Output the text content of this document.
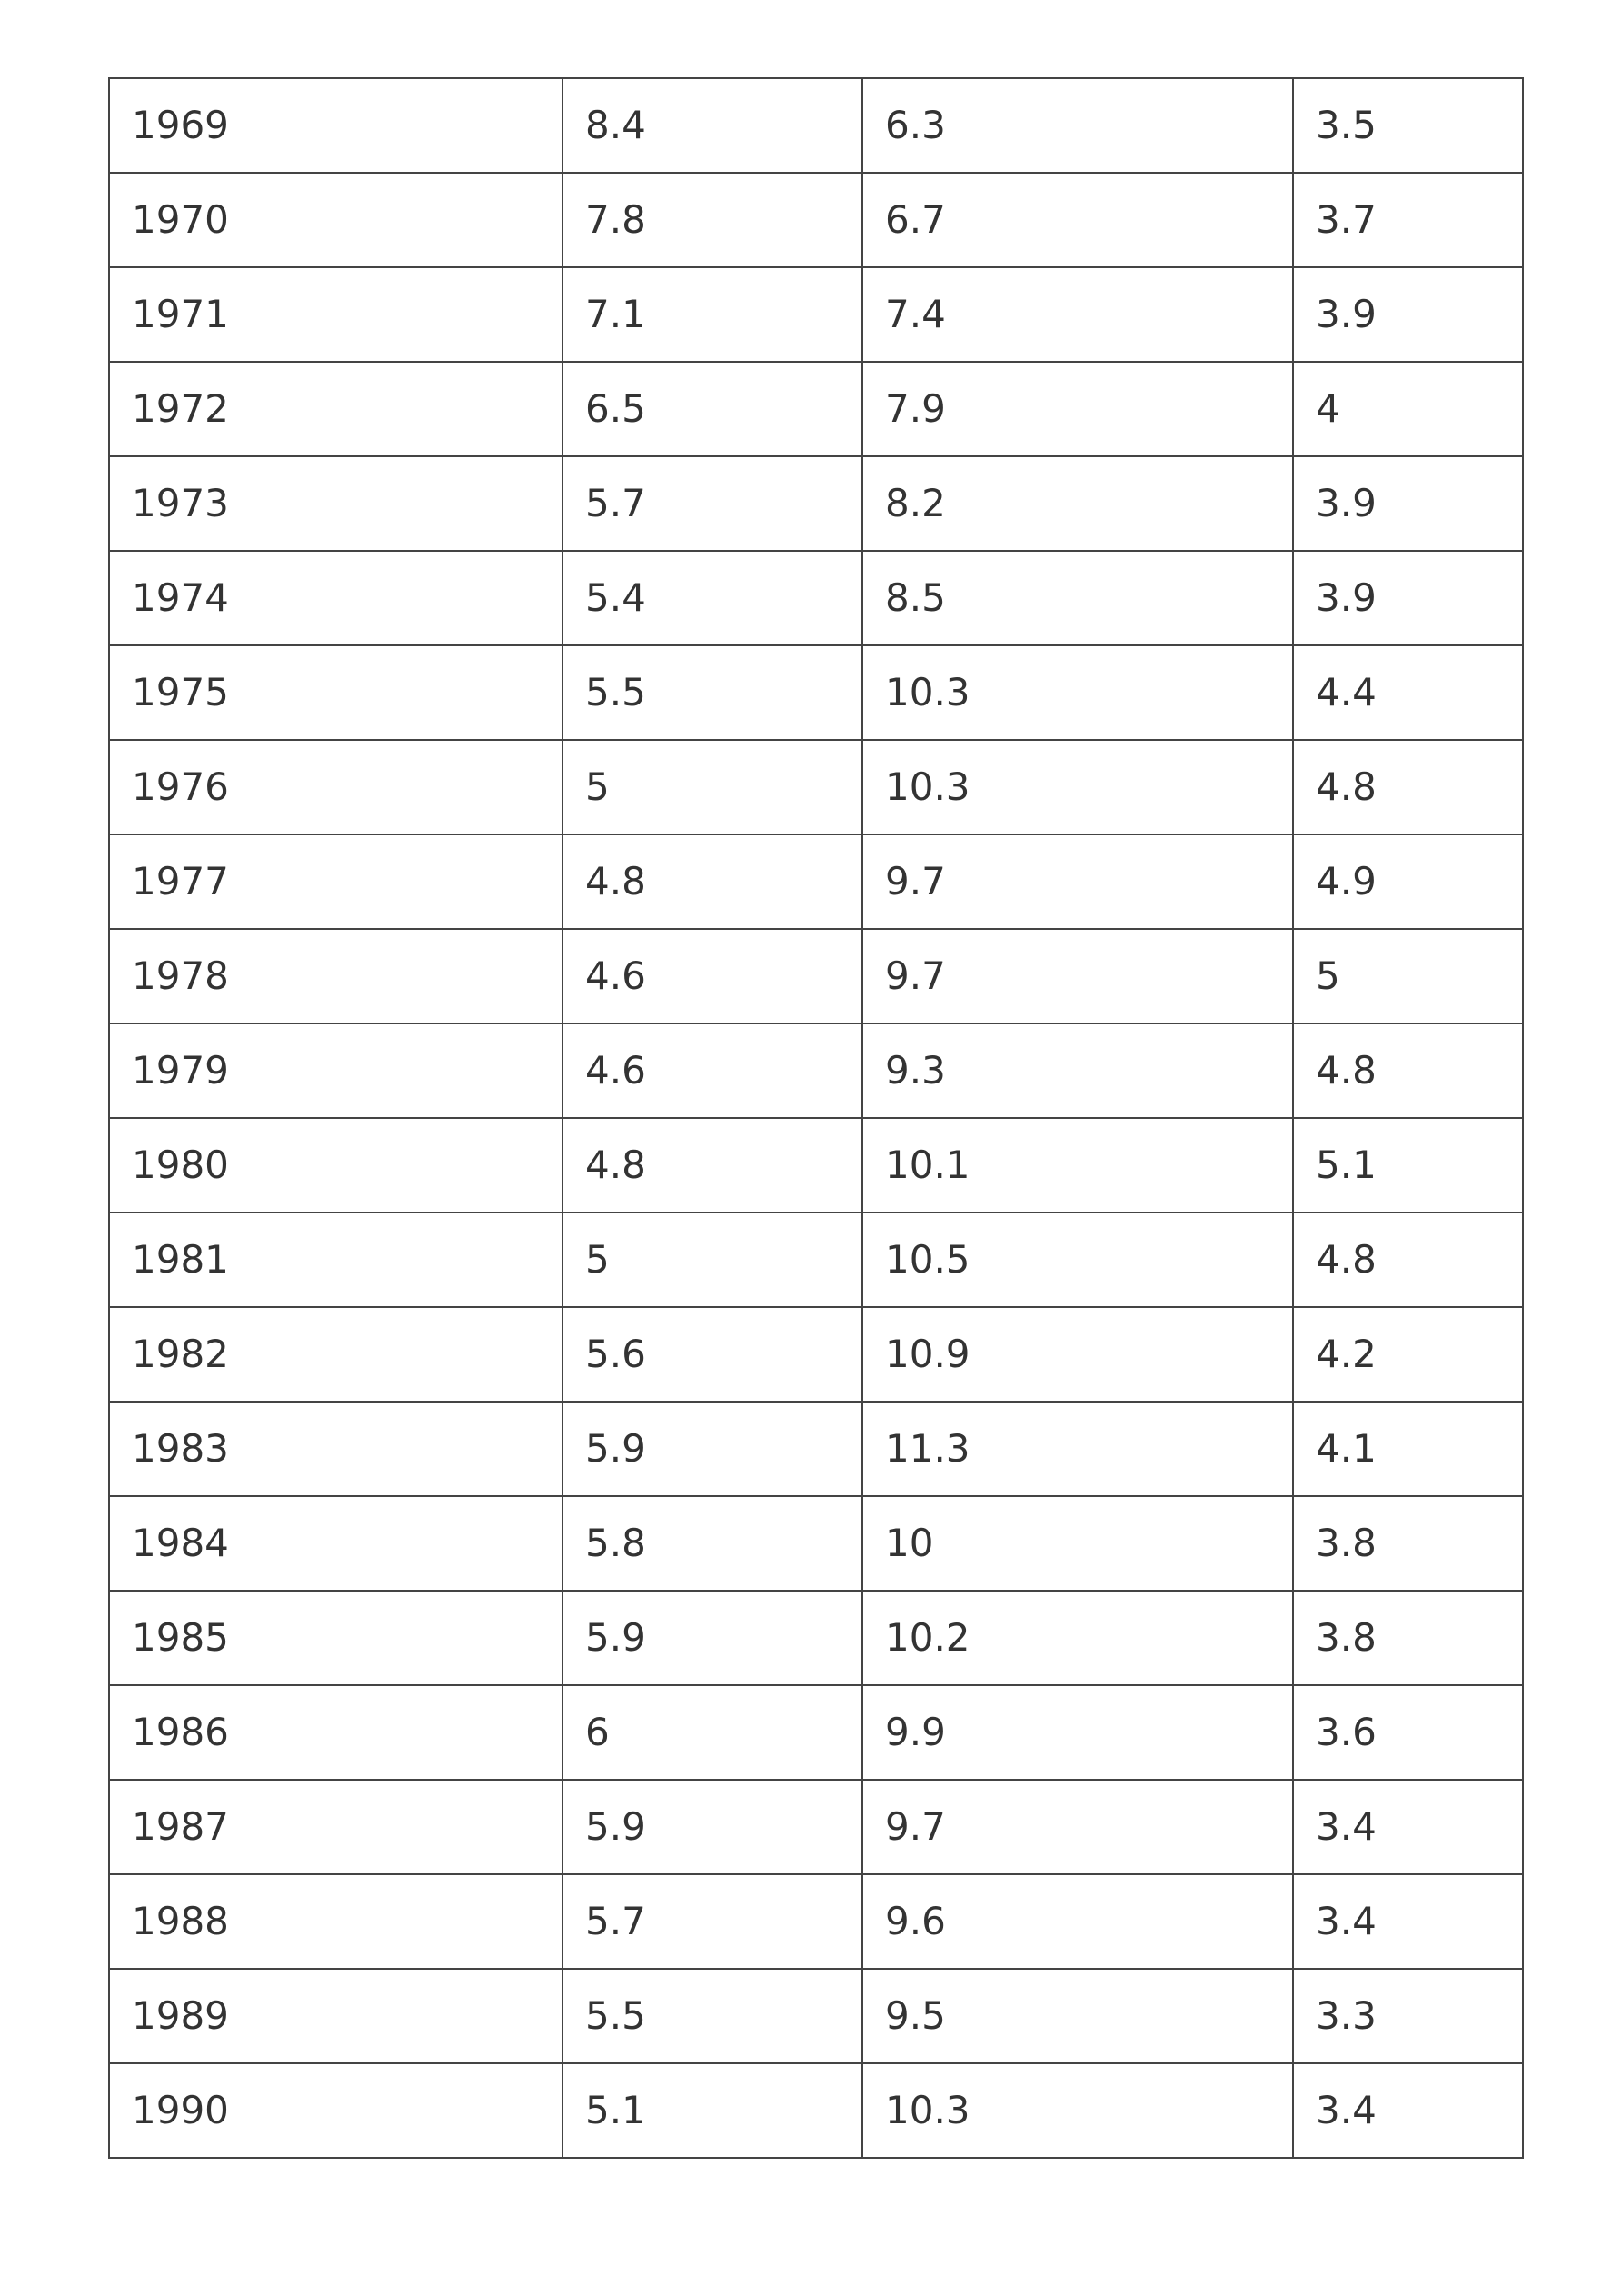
1969	8.4	6.3	3.5
1970	7.8	6.7	3.7
1971	7.1	7.4	3.9
1972	6.5	7.9	4
1973	5.7	8.2	3.9
1974	5.4	8.5	3.9
1975	5.5	10.3	4.4
1976	5	10.3	4.8
1977	4.8	9.7	4.9
1978	4.6	9.7	5
1979	4.6	9.3	4.8
1980	4.8	10.1	5.1
1981	5	10.5	4.8
1982	5.6	10.9	4.2
1983	5.9	11.3	4.1
1984	5.8	10	3.8
1985	5.9	10.2	3.8
1986	6	9.9	3.6
1987	5.9	9.7	3.4
1988	5.7	9.6	3.4
1989	5.5	9.5	3.3
1990	5.1	10.3	3.4
